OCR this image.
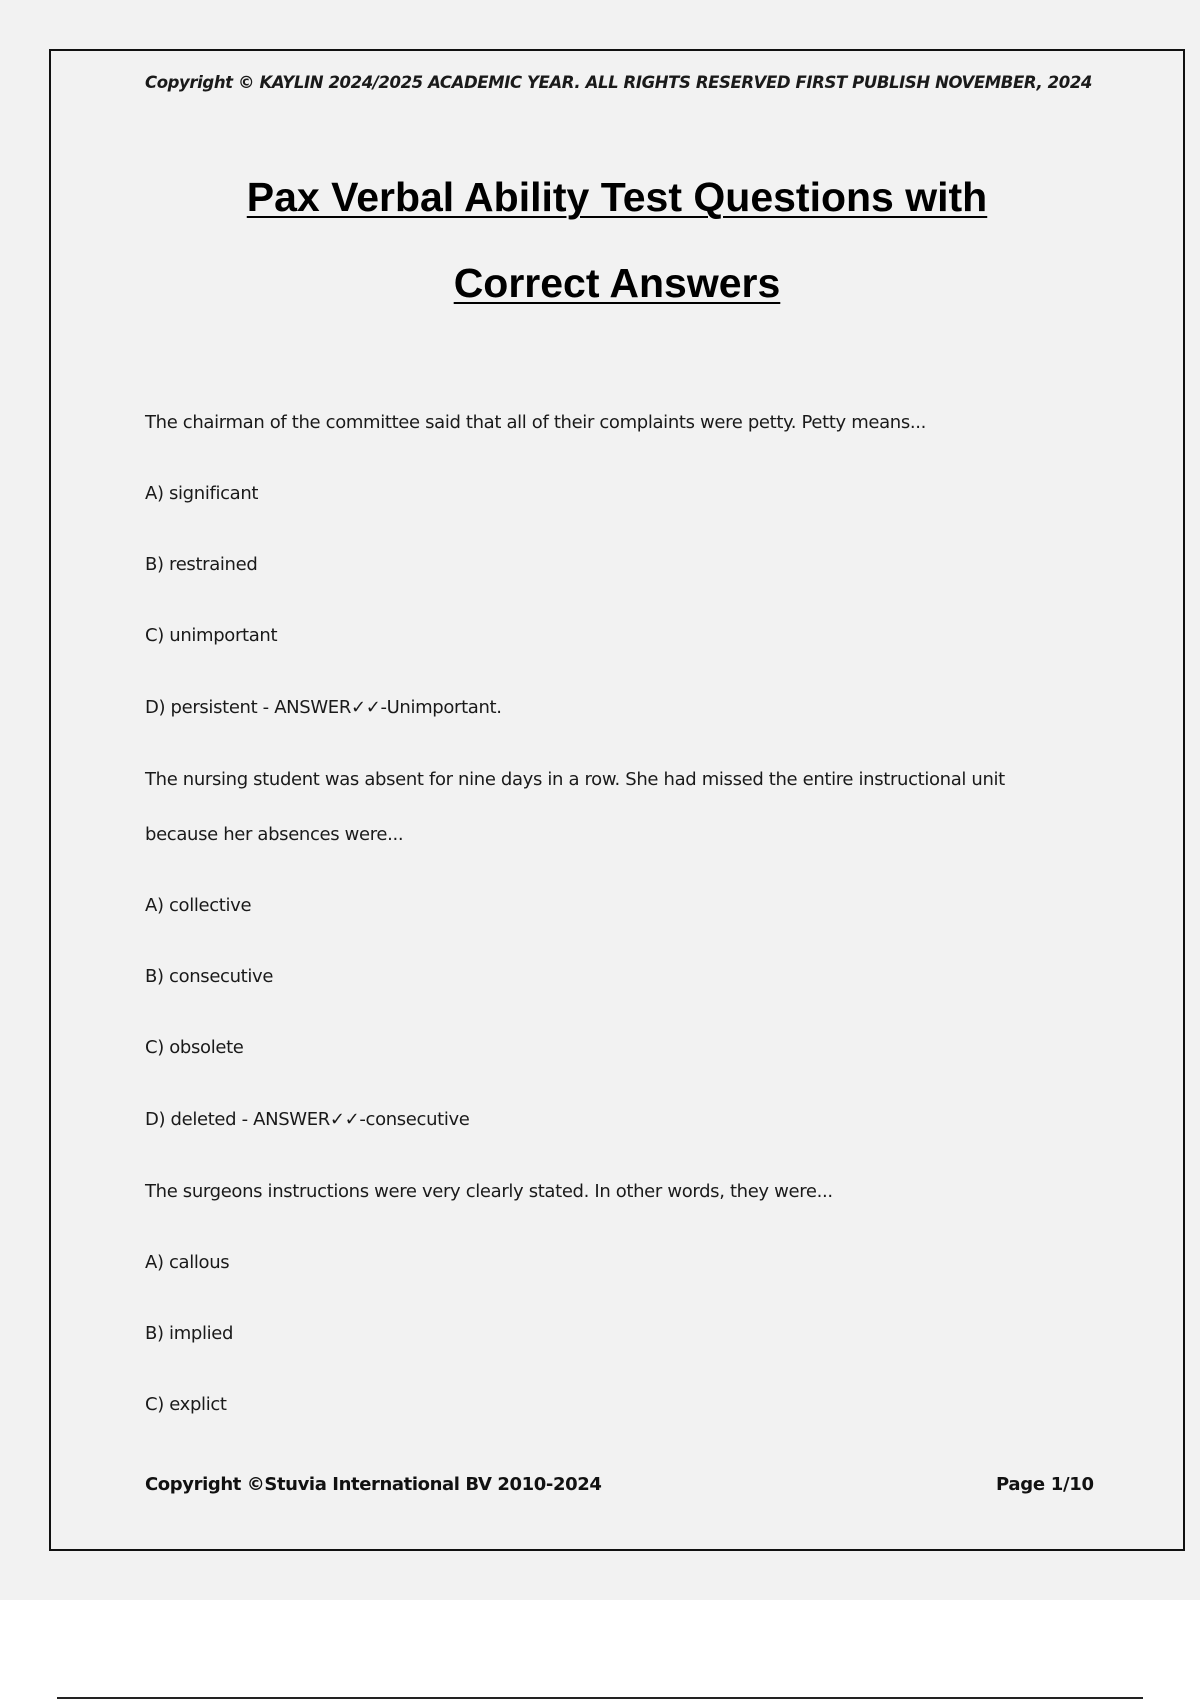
Copyright © KAYLIN 2024/2025 ACADEMIC YEAR. ALL RIGHTS RESERVED FIRST PUBLISH NOVEMBER, 2024
Pax Verbal Ability Test Questions with
Correct Answers
The chairman of the committee said that all of their complaints were petty. Petty means...
A) significant
B) restrained
C) unimportant
D) persistent - ANSWER✓✓-Unimportant.
The nursing student was absent for nine days in a row. She had missed the entire instructional unit
because her absences were...
A) collective
B) consecutive
C) obsolete
D) deleted - ANSWER✓✓-consecutive
The surgeons instructions were very clearly stated. In other words, they were...
A) callous
B) implied
C) explict
Copyright ©Stuvia International BV 2010-2024	Page 1/10
